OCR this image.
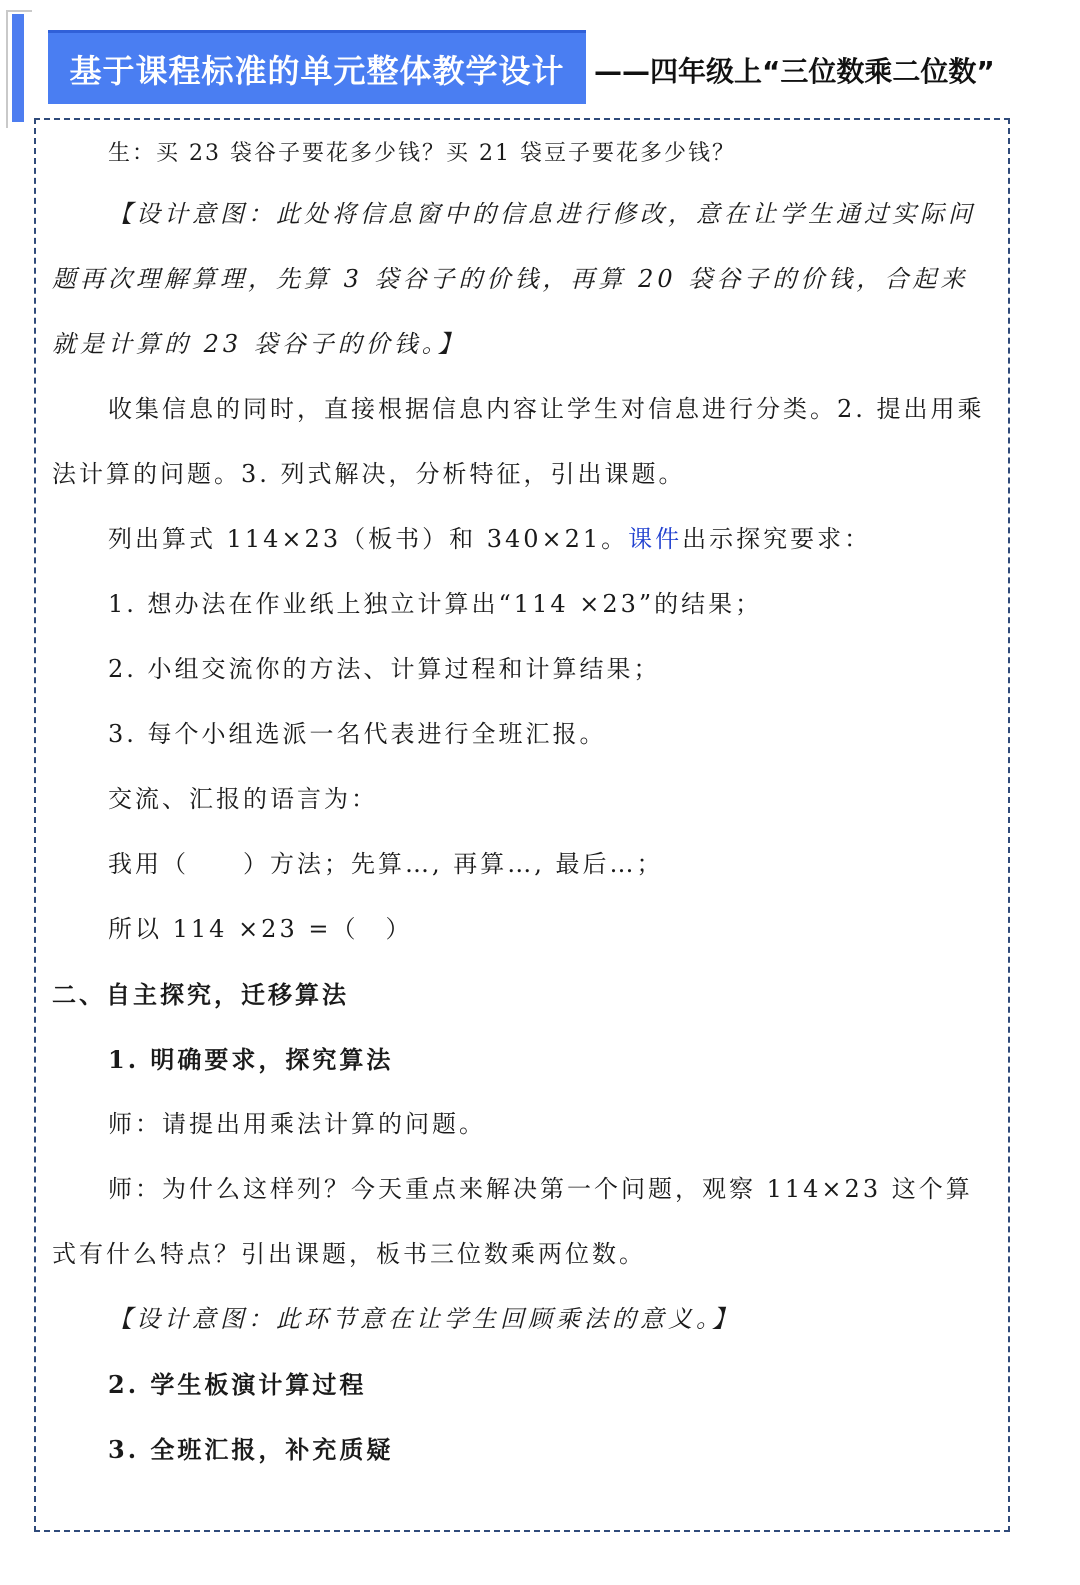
基于课程标准的单元整体教学设计	——四年级上“三位数乘二位数”

生：买 23 袋谷子要花多少钱？买 21 袋豆子要花多少钱？

【设计意图：此处将信息窗中的信息进行修改，意在让学生通过实际问题再次理解算理，先算 3 袋谷子的价钱，再算 20 袋谷子的价钱，合起来就是计算的 23 袋谷子的价钱。】

收集信息的同时，直接根据信息内容让学生对信息进行分类。2. 提出用乘法计算的问题。3. 列式解决，分析特征，引出课题。

列出算式 114×23（板书）和 340×21。课件出示探究要求：

1. 想办法在作业纸上独立计算出“114 ×23”的结果；

2. 小组交流你的方法、计算过程和计算结果；

3. 每个小组选派一名代表进行全班汇报。

交流、汇报的语言为：

我用（　　）方法；先算…, 再算…, 最后…；

所以 114 ×23 =（　）

二、自主探究，迁移算法

1. 明确要求，探究算法

师：请提出用乘法计算的问题。

师：为什么这样列？今天重点来解决第一个问题，观察 114×23 这个算式有什么特点？引出课题，板书三位数乘两位数。

【设计意图：此环节意在让学生回顾乘法的意义。】

2. 学生板演计算过程

3. 全班汇报，补充质疑
